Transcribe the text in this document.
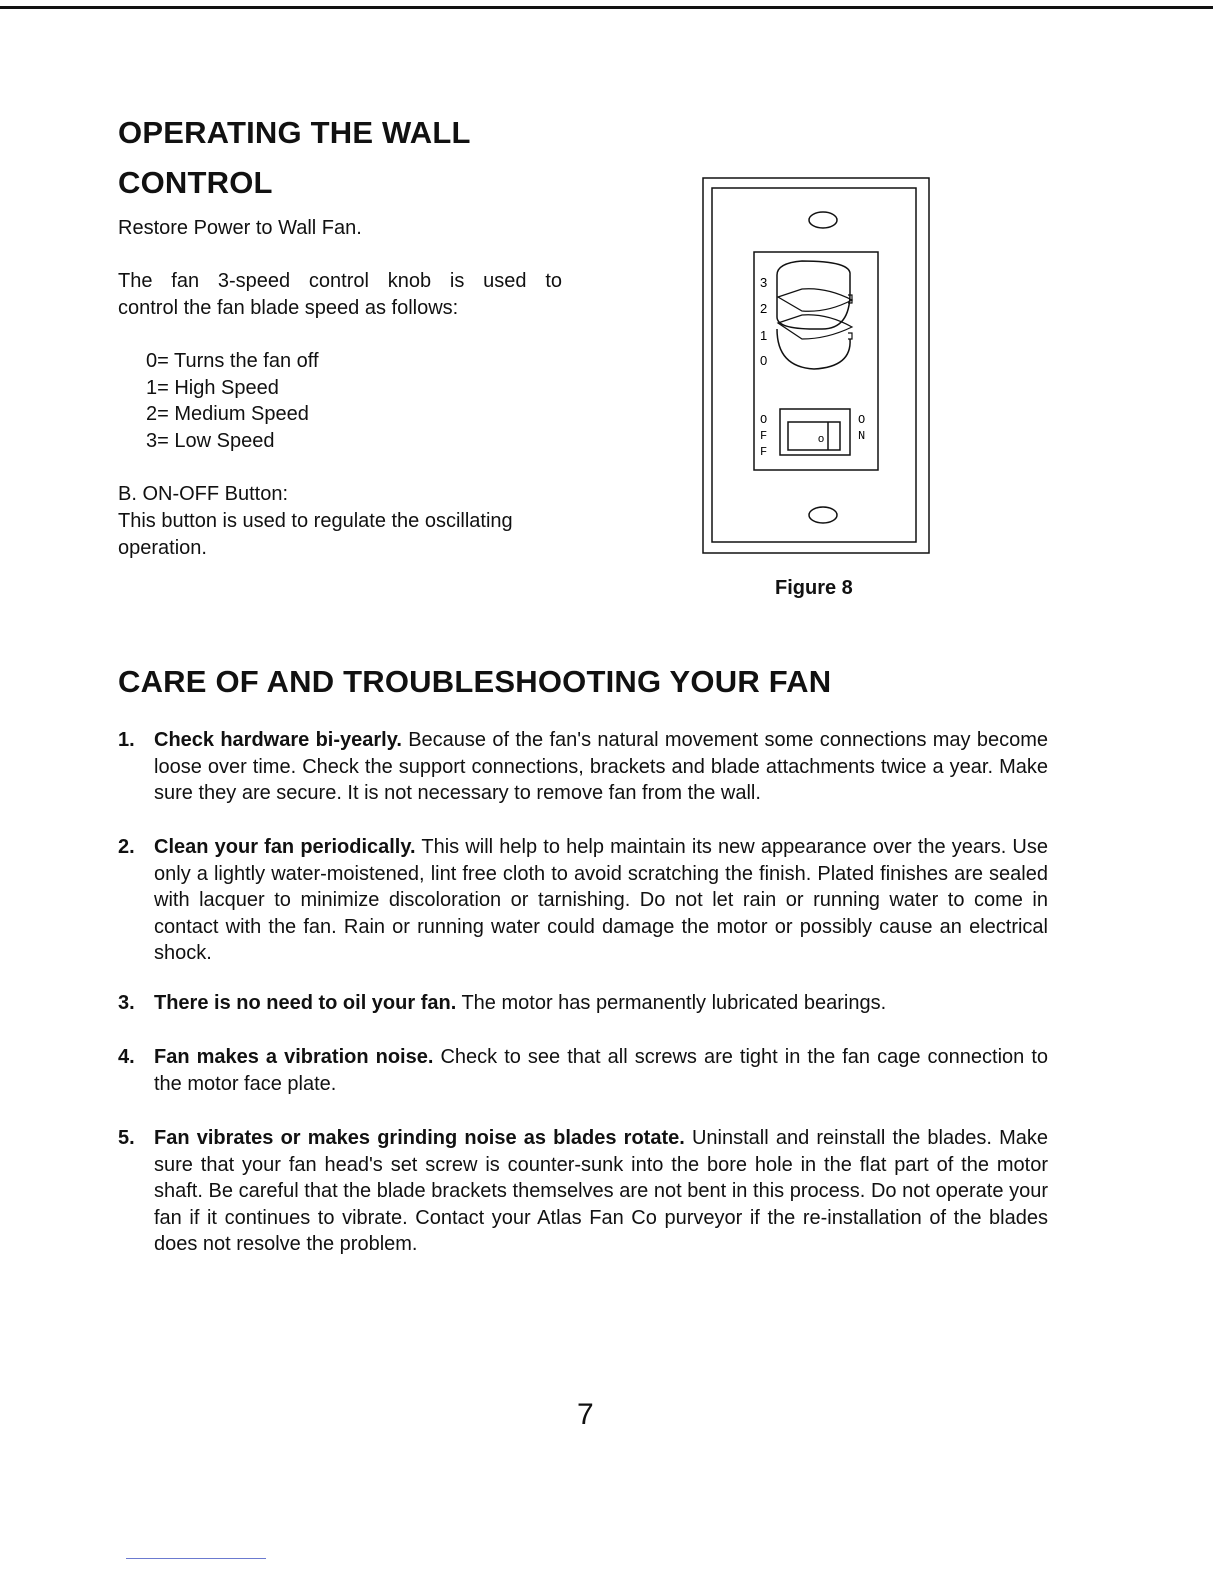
OPERATING THE WALL CONTROL

Restore Power to Wall Fan.

The fan 3-speed control knob is used to
control the fan blade speed as follows:

0= Turns the fan off
1= High Speed
2= Medium Speed
3= Low Speed
B. ON-OFF Button:
This button is used to regulate the oscillating operation.
3
2
1
0
o
O
F
F
O
N
Figure 8
CARE OF AND TROUBLESHOOTING YOUR FAN
1. Check hardware bi-yearly. Because of the fan's natural movement some connections may become loose over time. Check the support connections, brackets and blade attachments twice a year. Make sure they are secure. It is not necessary to remove fan from the wall.
2. Clean your fan periodically. This will help to help maintain its new appearance over the years. Use only a lightly water-moistened, lint free cloth to avoid scratching the finish. Plated finishes are sealed with lacquer to minimize discoloration or tarnishing. Do not let rain or running water to come in contact with the fan. Rain or running water could damage the motor or possibly cause an electrical shock.
3. There is no need to oil your fan. The motor has permanently lubricated bearings.
4. Fan makes a vibration noise. Check to see that all screws are tight in the fan cage connection to the motor face plate.
5. Fan vibrates or makes grinding noise as blades rotate. Uninstall and reinstall the blades. Make sure that your fan head's set screw is counter-sunk into the bore hole in the flat part of the motor shaft. Be careful that the blade brackets themselves are not bent in this process. Do not operate your fan if it continues to vibrate. Contact your Atlas Fan Co purveyor if the re-installation of the blades does not resolve the problem.
7
